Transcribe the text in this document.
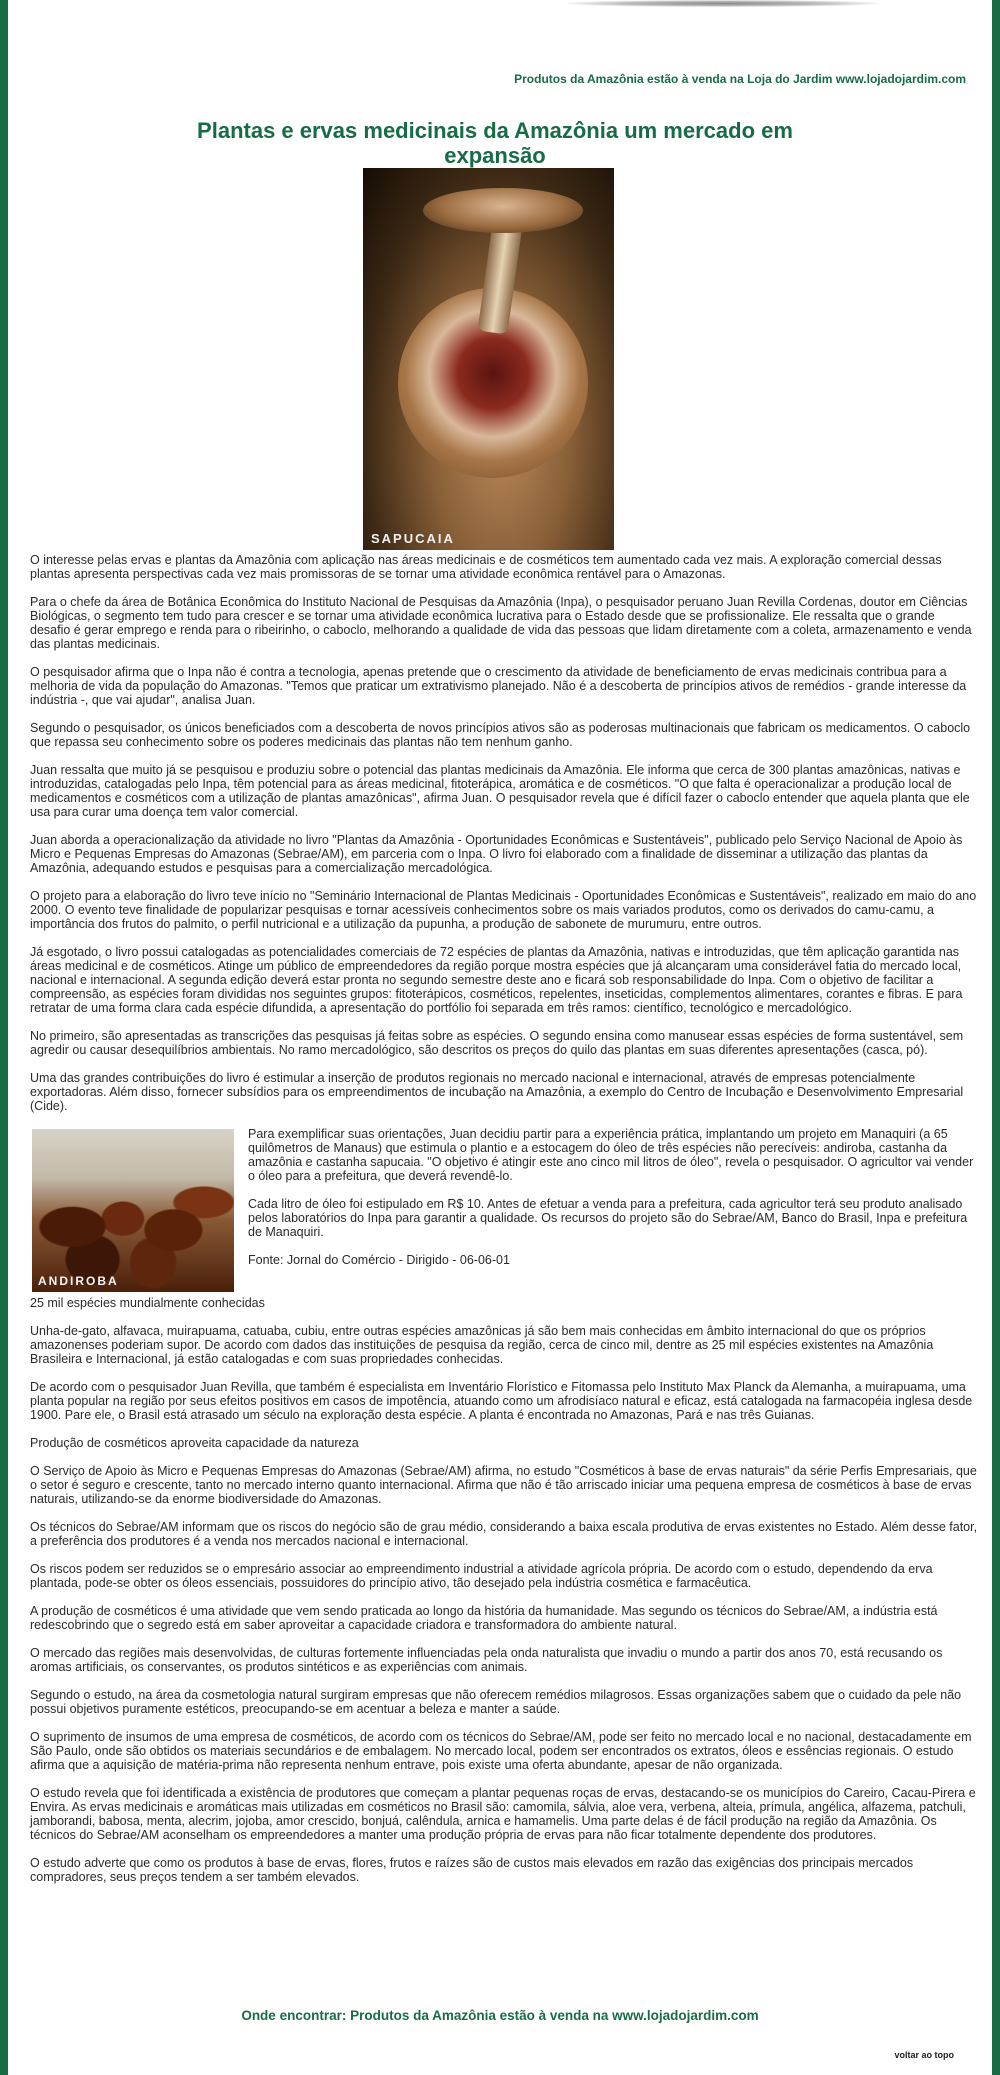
Produtos da Amazônia estão à venda na Loja do Jardim www.lojadojardim.com
Plantas e ervas medicinais da Amazônia um mercado em expansão
SAPUCAIA

O interesse pelas ervas e plantas da Amazônia com aplicação nas áreas medicinais e de cosméticos tem aumentado cada vez mais. A exploração comercial dessas plantas apresenta perspectivas cada vez mais promissoras de se tornar uma atividade econômica rentável para o Amazonas.

Para o chefe da área de Botânica Econômica do Instituto Nacional de Pesquisas da Amazônia (Inpa), o pesquisador peruano Juan Revilla Cordenas, doutor em Ciências Biológicas, o segmento tem tudo para crescer e se tornar uma atividade econômica lucrativa para o Estado desde que se profissionalize. Ele ressalta que o grande desafio é gerar emprego e renda para o ribeirinho, o caboclo, melhorando a qualidade de vida das pessoas que lidam diretamente com a coleta, armazenamento e venda das plantas medicinais.

O pesquisador afirma que o Inpa não é contra a tecnologia, apenas pretende que o crescimento da atividade de beneficiamento de ervas medicinais contribua para a melhoria de vida da população do Amazonas. "Temos que praticar um extrativismo planejado. Não é a descoberta de princípios ativos de remédios - grande interesse da indústria -, que vai ajudar", analisa Juan.

Segundo o pesquisador, os únicos beneficiados com a descoberta de novos princípios ativos são as poderosas multinacionais que fabricam os medicamentos. O caboclo que repassa seu conhecimento sobre os poderes medicinais das plantas não tem nenhum ganho.

Juan ressalta que muito já se pesquisou e produziu sobre o potencial das plantas medicinais da Amazônia. Ele informa que cerca de 300 plantas amazônicas, nativas e introduzidas, catalogadas pelo Inpa, têm potencial para as áreas medicinal, fitoterápica, aromática e de cosméticos. "O que falta é operacionalizar a produção local de medicamentos e cosméticos com a utilização de plantas amazônicas", afirma Juan. O pesquisador revela que é difícil fazer o caboclo entender que aquela planta que ele usa para curar uma doença tem valor comercial.

Juan aborda a operacionalização da atividade no livro "Plantas da Amazônia - Oportunidades Econômicas e Sustentáveis", publicado pelo Serviço Nacional de Apoio às Micro e Pequenas Empresas do Amazonas (Sebrae/AM), em parceria com o Inpa. O livro foi elaborado com a finalidade de disseminar a utilização das plantas da Amazônia, adequando estudos e pesquisas para a comercialização mercadológica.

O projeto para a elaboração do livro teve início no "Seminário Internacional de Plantas Medicinais - Oportunidades Econômicas e Sustentáveis", realizado em maio do ano 2000. O evento teve finalidade de popularizar pesquisas e tornar acessíveis conhecimentos sobre os mais variados produtos, como os derivados do camu-camu, a importância dos frutos do palmito, o perfil nutricional e a utilização da pupunha, a produção de sabonete de murumuru, entre outros.

Já esgotado, o livro possui catalogadas as potencialidades comerciais de 72 espécies de plantas da Amazônia, nativas e introduzidas, que têm aplicação garantida nas áreas medicinal e de cosméticos. Atinge um público de empreendedores da região porque mostra espécies que já alcançaram uma considerável fatia do mercado local, nacional e internacional. A segunda edição deverá estar pronta no segundo semestre deste ano e ficará sob responsabilidade do Inpa. Com o objetivo de facilitar a compreensão, as espécies foram divididas nos seguintes grupos: fitoterápicos, cosméticos, repelentes, inseticidas, complementos alimentares, corantes e fibras. E para retratar de uma forma clara cada espécie difundida, a apresentação do portfólio foi separada em três ramos: científico, tecnológico e mercadológico.

No primeiro, são apresentadas as transcrições das pesquisas já feitas sobre as espécies. O segundo ensina como manusear essas espécies de forma sustentável, sem agredir ou causar desequilíbrios ambientais. No ramo mercadológico, são descritos os preços do quilo das plantas em suas diferentes apresentações (casca, pó).

Uma das grandes contribuições do livro é estimular a inserção de produtos regionais no mercado nacional e internacional, através de empresas potencialmente exportadoras. Além disso, fornecer subsídios para os empreendimentos de incubação na Amazônia, a exemplo do Centro de Incubação e Desenvolvimento Empresarial (Cide).

ANDIROBA

Para exemplificar suas orientações, Juan decidiu partir para a experiência prática, implantando um projeto em Manaquiri (a 65 quilômetros de Manaus) que estimula o plantio e a estocagem do óleo de três espécies não perecíveis: andiroba, castanha da amazônia e castanha sapucaia. "O objetivo é atingir este ano cinco mil litros de óleo", revela o pesquisador. O agricultor vai vender o óleo para a prefeitura, que deverá revendê-lo.

Cada litro de óleo foi estipulado em R$ 10. Antes de efetuar a venda para a prefeitura, cada agricultor terá seu produto analisado pelos laboratórios do Inpa para garantir a qualidade. Os recursos do projeto são do Sebrae/AM, Banco do Brasil, Inpa e prefeitura de Manaquiri.

Fonte: Jornal do Comércio - Dirigido - 06-06-01

25 mil espécies mundialmente conhecidas

Unha-de-gato, alfavaca, muirapuama, catuaba, cubiu, entre outras espécies amazônicas já são bem mais conhecidas em âmbito internacional do que os próprios amazonenses poderiam supor. De acordo com dados das instituições de pesquisa da região, cerca de cinco mil, dentre as 25 mil espécies existentes na Amazônia Brasileira e Internacional, já estão catalogadas e com suas propriedades conhecidas.

De acordo com o pesquisador Juan Revilla, que também é especialista em Inventário Florístico e Fitomassa pelo Instituto Max Planck da Alemanha, a muirapuama, uma planta popular na região por seus efeitos positivos em casos de impotência, atuando como um afrodisíaco natural e eficaz, está catalogada na farmacopéia inglesa desde 1900. Pare ele, o Brasil está atrasado um século na exploração desta espécie. A planta é encontrada no Amazonas, Pará e nas três Guianas.

Produção de cosméticos aproveita capacidade da natureza

O Serviço de Apoio às Micro e Pequenas Empresas do Amazonas (Sebrae/AM) afirma, no estudo "Cosméticos à base de ervas naturais" da série Perfis Empresariais, que o setor é seguro e crescente, tanto no mercado interno quanto internacional. Afirma que não é tão arriscado iniciar uma pequena empresa de cosméticos à base de ervas naturais, utilizando-se da enorme biodiversidade do Amazonas.

Os técnicos do Sebrae/AM informam que os riscos do negócio são de grau médio, considerando a baixa escala produtiva de ervas existentes no Estado. Além desse fator, a preferência dos produtores é a venda nos mercados nacional e internacional.

Os riscos podem ser reduzidos se o empresário associar ao empreendimento industrial a atividade agrícola própria. De acordo com o estudo, dependendo da erva plantada, pode-se obter os óleos essenciais, possuidores do princípio ativo, tão desejado pela indústria cosmética e farmacêutica.

A produção de cosméticos é uma atividade que vem sendo praticada ao longo da história da humanidade. Mas segundo os técnicos do Sebrae/AM, a indústria está redescobrindo que o segredo está em saber aproveitar a capacidade criadora e transformadora do ambiente natural.

O mercado das regiões mais desenvolvidas, de culturas fortemente influenciadas pela onda naturalista que invadiu o mundo a partir dos anos 70, está recusando os aromas artificiais, os conservantes, os produtos sintéticos e as experiências com animais.

Segundo o estudo, na área da cosmetologia natural surgiram empresas que não oferecem remédios milagrosos. Essas organizações sabem que o cuidado da pele não possui objetivos puramente estéticos, preocupando-se em acentuar a beleza e manter a saúde.

O suprimento de insumos de uma empresa de cosméticos, de acordo com os técnicos do Sebrae/AM, pode ser feito no mercado local e no nacional, destacadamente em São Paulo, onde são obtidos os materiais secundários e de embalagem. No mercado local, podem ser encontrados os extratos, óleos e essências regionais. O estudo afirma que a aquisição de matéria-prima não representa nenhum entrave, pois existe uma oferta abundante, apesar de não organizada.

O estudo revela que foi identificada a existência de produtores que começam a plantar pequenas roças de ervas, destacando-se os municípios do Careiro, Cacau-Pirera e Envira. As ervas medicinais e aromáticas mais utilizadas em cosméticos no Brasil são: camomila, sálvia, aloe vera, verbena, alteia, prímula, angélica, alfazema, patchuli, jamborandi, babosa, menta, alecrim, jojoba, amor crescido, bonjuá, calêndula, arnica e hamamelis. Uma parte delas é de fácil produção na região da Amazônia. Os técnicos do Sebrae/AM aconselham os empreendedores a manter uma produção própria de ervas para não ficar totalmente dependente dos produtores.

O estudo adverte que como os produtos à base de ervas, flores, frutos e raízes são de custos mais elevados em razão das exigências dos principais mercados compradores, seus preços tendem a ser também elevados.

Onde encontrar: Produtos da Amazônia estão à venda na www.lojadojardim.com
voltar ao topo
